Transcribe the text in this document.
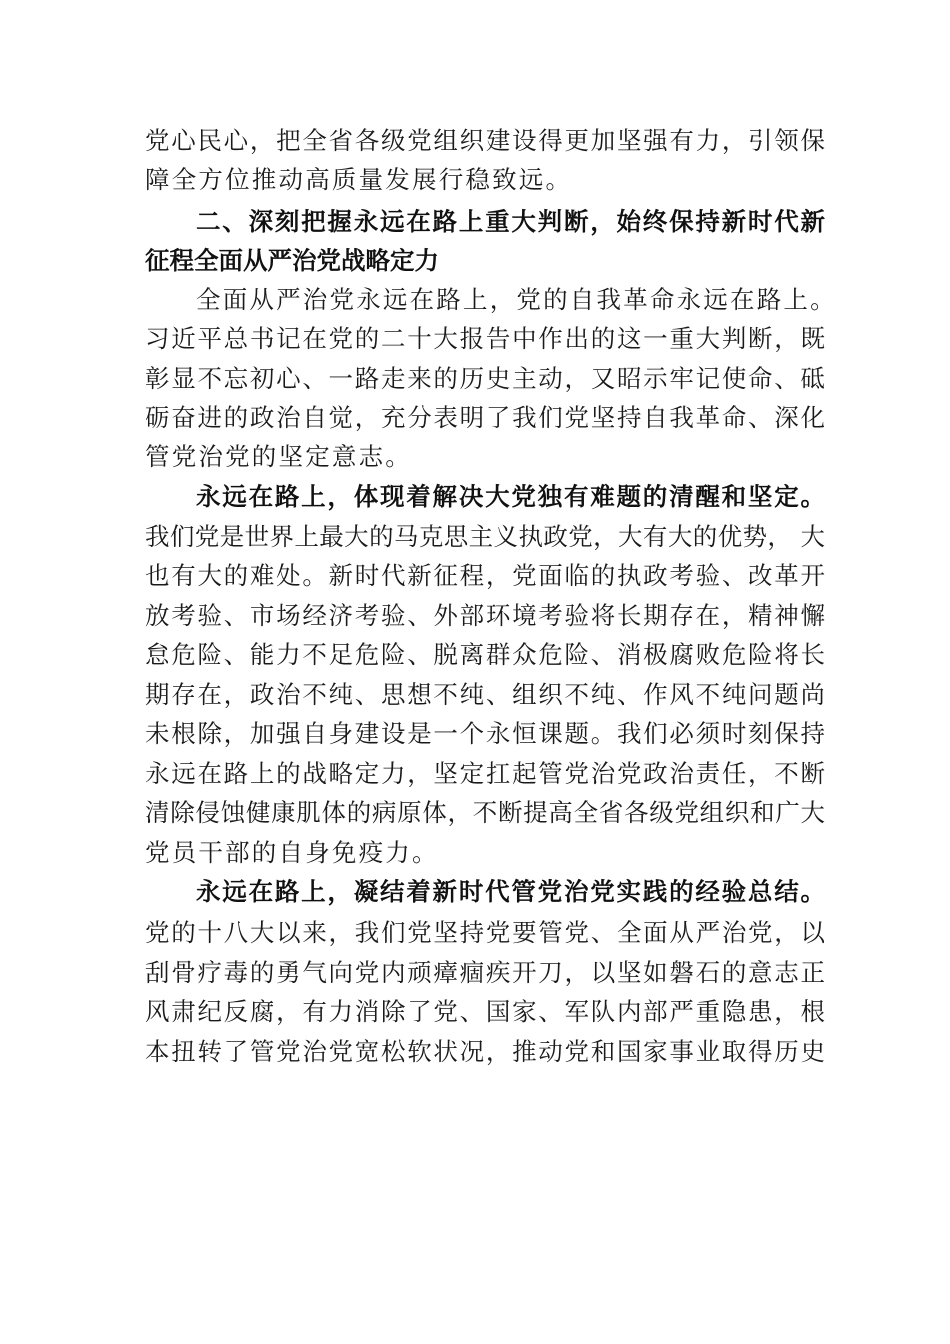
党心民心，把全省各级党组织建设得更加坚强有力，引领保
障全方位推动高质量发展行稳致远。
二、深刻把握永远在路上重大判断，始终保持新时代新
征程全面从严治党战略定力
全面从严治党永远在路上，党的自我革命永远在路上。
习近平总书记在党的二十大报告中作出的这一重大判断，既
彰显不忘初心、一路走来的历史主动，又昭示牢记使命、砥
砺奋进的政治自觉，充分表明了我们党坚持自我革命、深化
管党治党的坚定意志。
永远在路上，体现着解决大党独有难题的清醒和坚定。
我们党是世界上最大的马克思主义执政党，大有大的优势， 大
也有大的难处。新时代新征程，党面临的执政考验、改革开
放考验、市场经济考验、外部环境考验将长期存在，精神懈
怠危险、能力不足危险、脱离群众危险、消极腐败危险将长
期存在，政治不纯、思想不纯、组织不纯、作风不纯问题尚
未根除，加强自身建设是一个永恒课题。我们必须时刻保持
永远在路上的战略定力，坚定扛起管党治党政治责任，不断
清除侵蚀健康肌体的病原体，不断提高全省各级党组织和广大
党员干部的自身免疫力。
永远在路上，凝结着新时代管党治党实践的经验总结。
党的十八大以来，我们党坚持党要管党、全面从严治党，以
刮骨疗毒的勇气向党内顽瘴痼疾开刀，以坚如磐石的意志正
风肃纪反腐，有力消除了党、国家、军队内部严重隐患，根
本扭转了管党治党宽松软状况，推动党和国家事业取得历史
